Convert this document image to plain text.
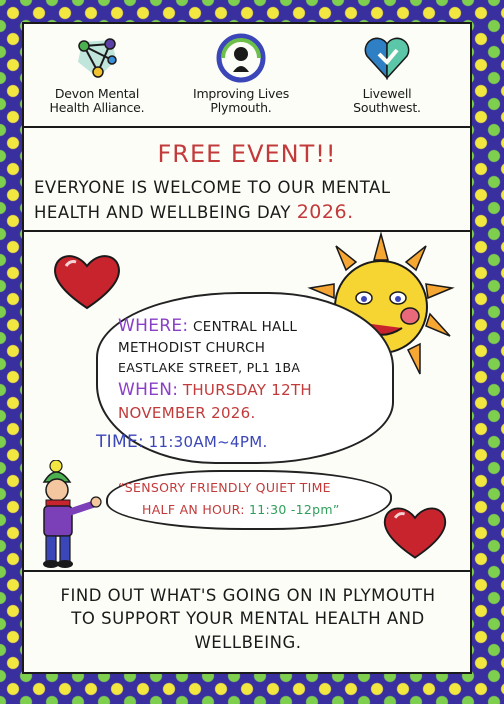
Devon Mental
Health Alliance.
Improving Lives
Plymouth.
Livewell
Southwest.
FREE EVENT!!
EVERYONE IS WELCOME TO OUR MENTAL
HEALTH AND WELLBEING DAY 2026.
WHERE: CENTRAL HALL
METHODIST CHURCH
EASTLAKE STREET, PL1 1BA
WHEN: THURSDAY 12TH
NOVEMBER 2026.
TIME: 11:30AM~4PM.
“SENSORY FRIENDLY QUIET TIME
HALF AN HOUR: 11:30 -12pm”
FIND OUT WHAT'S GOING ON IN PLYMOUTH
TO SUPPORT YOUR MENTAL HEALTH AND
WELLBEING.
